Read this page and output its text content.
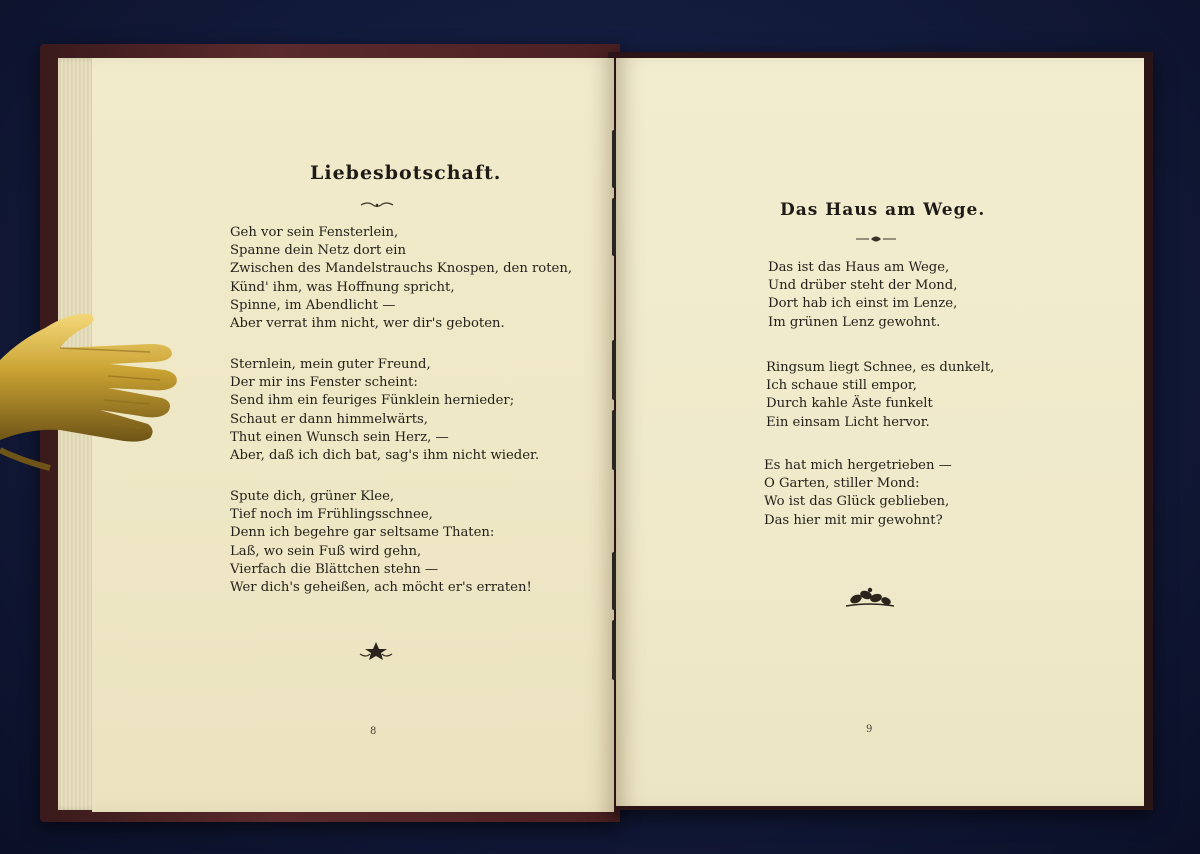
Liebesbotschaft.
Geh vor sein Fensterlein,
Spanne dein Netz dort ein
Zwischen des Mandelstrauchs Knospen, den roten,
Künd' ihm, was Hoffnung spricht,
Spinne, im Abendlicht —
Aber verrat ihm nicht, wer dir's geboten.
Sternlein, mein guter Freund,
Der mir ins Fenster scheint:
Send ihm ein feuriges Fünklein hernieder;
Schaut er dann himmelwärts,
Thut einen Wunsch sein Herz, —
Aber, daß ich dich bat, sag's ihm nicht wieder.
Spute dich, grüner Klee,
Tief noch im Frühlingsschnee,
Denn ich begehre gar seltsame Thaten:
Laß, wo sein Fuß wird gehn,
Vierfach die Blättchen stehn —
Wer dich's geheißen, ach möcht er's erraten!
8
Das Haus am Wege.
Das ist das Haus am Wege,
Und drüber steht der Mond,
Dort hab ich einst im Lenze,
Im grünen Lenz gewohnt.
Ringsum liegt Schnee, es dunkelt,
Ich schaue still empor,
Durch kahle Äste funkelt
Ein einsam Licht hervor.
Es hat mich hergetrieben —
O Garten, stiller Mond:
Wo ist das Glück geblieben,
Das hier mit mir gewohnt?
9
